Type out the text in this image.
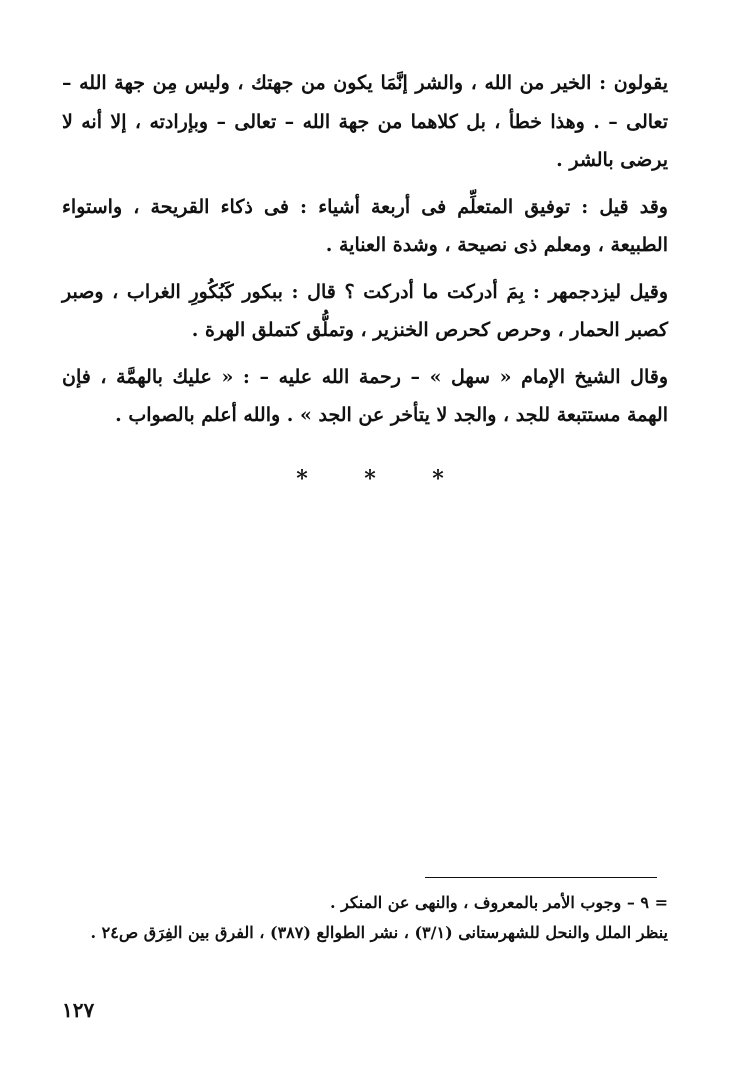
يقولون : الخير من الله ، والشر إنَّمَا يكون من جهتك ، وليس مِن جهة الله – تعالى – . وهذا خطأ ، بل كلاهما من جهة الله – تعالى – وبإرادته ، إلا أنه لا يرضى بالشر .

وقد قيل : توفيق المتعلِّم فى أربعة أشياء : فى ذكاء القريحة ، واستواء الطبيعة ، ومعلم ذى نصيحة ، وشدة العناية .

وقيل ليزدجمهر : بِمَ أدركت ما أدركت ؟ قال : ببكور كَبُكُورِ الغراب ، وصبر كصبر الحمار ، وحرص كحرص الخنزير ، وتملُّق كتملق الهرة .

وقال الشيخ الإمام « سهل » – رحمة الله عليه – : « عليك بالهمَّة ، فإن الهمة مستتبعة للجد ، والجد لا يتأخر عن الجد » . والله أعلم بالصواب .

*	*	*

= ٩ – وجوب الأمر بالمعروف ، والنهى عن المنكر .

ينظر الملل والنحل للشهرستانى (٣/١) ، نشر الطوالع (٣٨٧) ، الفرق بين الفِرَق ص٢٤ .

١٢٧
